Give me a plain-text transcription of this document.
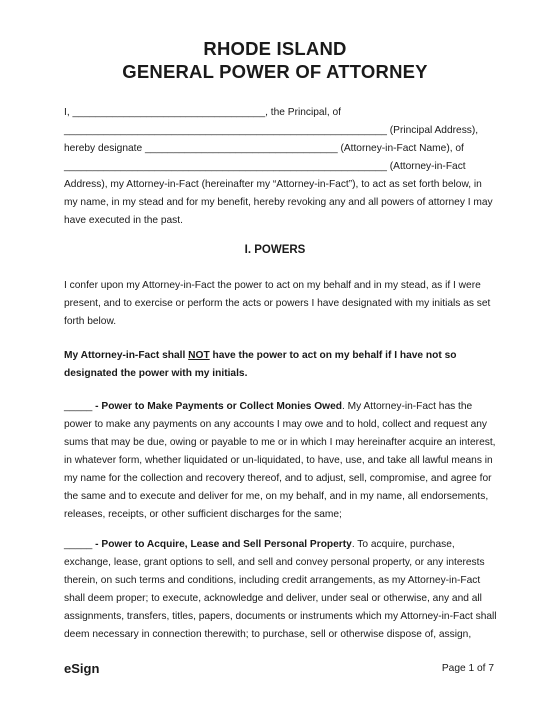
RHODE ISLAND
GENERAL POWER OF ATTORNEY

I, __________________________________, the Principal, of

_________________________________________________________ (Principal Address),

hereby designate __________________________________ (Attorney-in-Fact Name), of

_________________________________________________________ (Attorney-in-Fact

Address), my Attorney-in-Fact (hereinafter my “Attorney-in-Fact”), to act as set forth below, in

my name, in my stead and for my benefit, hereby revoking any and all powers of attorney I may

have executed in the past.

I. POWERS

I confer upon my Attorney-in-Fact the power to act on my behalf and in my stead, as if I were

present, and to exercise or perform the acts or powers I have designated with my initials as set

forth below.

My Attorney-in-Fact shall NOT have the power to act on my behalf if I have not so

designated the power with my initials.

_____ - Power to Make Payments or Collect Monies Owed. My Attorney-in-Fact has the

power to make any payments on any accounts I may owe and to hold, collect and request any

sums that may be due, owing or payable to me or in which I may hereinafter acquire an interest,

in whatever form, whether liquidated or un-liquidated, to have, use, and take all lawful means in

my name for the collection and recovery thereof, and to adjust, sell, compromise, and agree for

the same and to execute and deliver for me, on my behalf, and in my name, all endorsements,

releases, receipts, or other sufficient discharges for the same;

_____ - Power to Acquire, Lease and Sell Personal Property. To acquire, purchase,

exchange, lease, grant options to sell, and sell and convey personal property, or any interests

therein, on such terms and conditions, including credit arrangements, as my Attorney-in-Fact

shall deem proper; to execute, acknowledge and deliver, under seal or otherwise, any and all

assignments, transfers, titles, papers, documents or instruments which my Attorney-in-Fact shall

deem necessary in connection therewith; to purchase, sell or otherwise dispose of, assign,

eSign	Page 1 of 7
